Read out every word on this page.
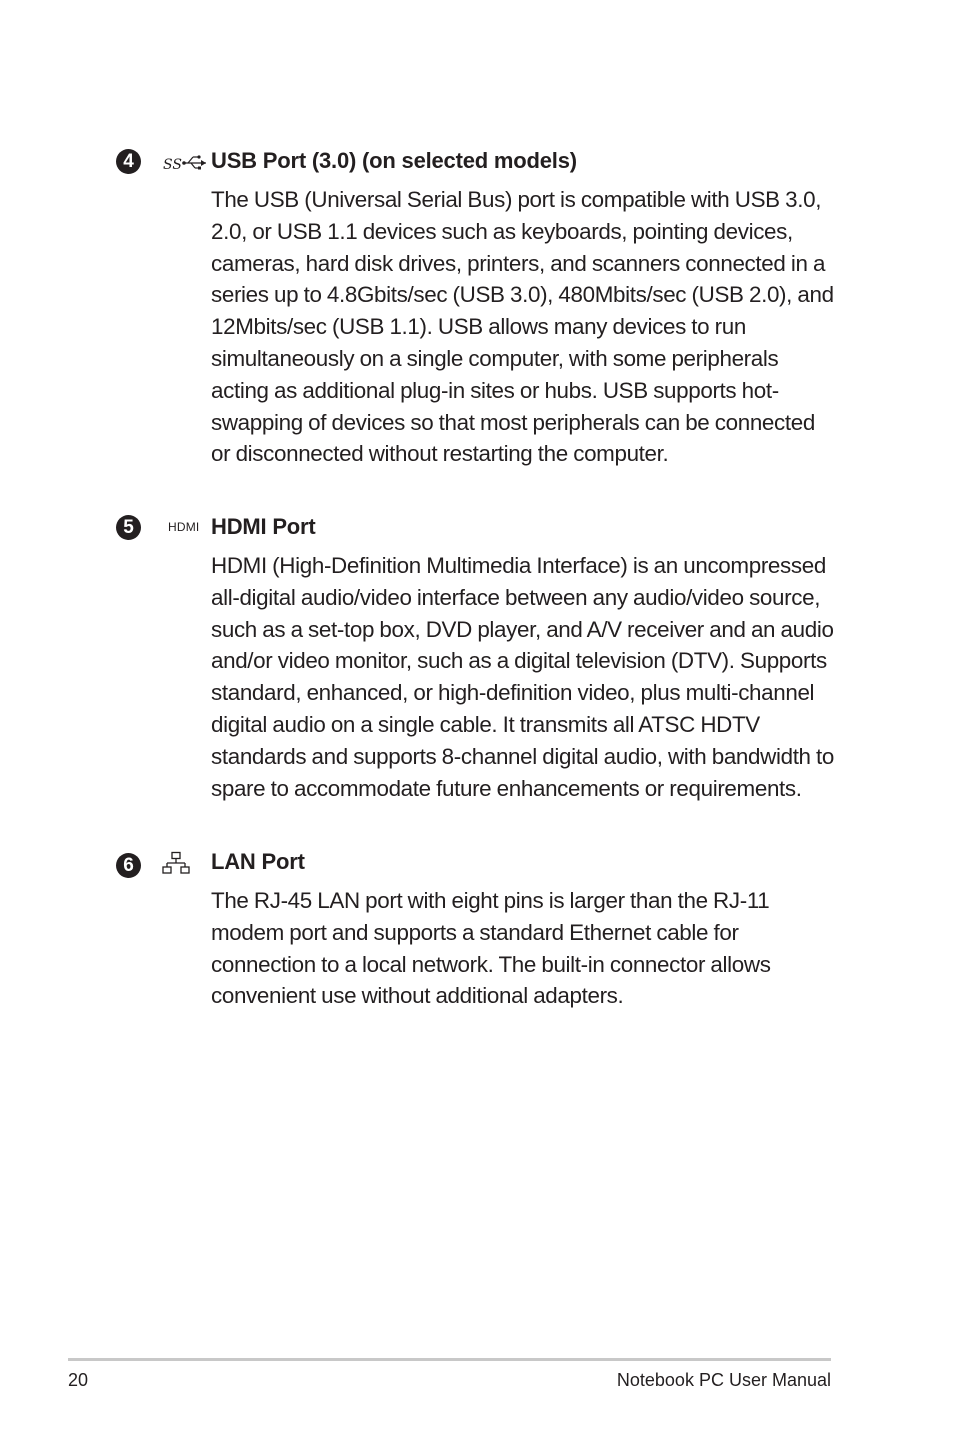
4	SS USB Port (3.0) (on selected models)

The USB (Universal Serial Bus) port is compatible with USB 3.0, 2.0, or USB 1.1 devices such as keyboards, pointing devices, cameras, hard disk drives, printers, and scanners connected in a series up to 4.8Gbits/sec (USB 3.0), 480Mbits/sec (USB 2.0), and 12Mbits/sec (USB 1.1). USB allows many devices to run simultaneously on a single computer, with some peripherals acting as additional plug-in sites or hubs. USB supports hot-swapping of devices so that most peripherals can be connected or disconnected without restarting the computer.

5	HDMI HDMI Port

HDMI (High-Definition Multimedia Interface) is an uncompressed all-digital audio/video interface between any audio/video source, such as a set-top box, DVD player, and A/V receiver and an audio and/or video monitor, such as a digital television (DTV). Supports standard, enhanced, or high-definition video, plus multi-channel digital audio on a single cable. It transmits all ATSC HDTV standards and supports 8-channel digital audio, with bandwidth to spare to accommodate future enhancements or requirements.

6	LAN Port

The RJ-45 LAN port with eight pins is larger than the RJ-11 modem port and supports a standard Ethernet cable for connection to a local network. The built-in connector allows convenient use without additional adapters.

20	Notebook PC User Manual
